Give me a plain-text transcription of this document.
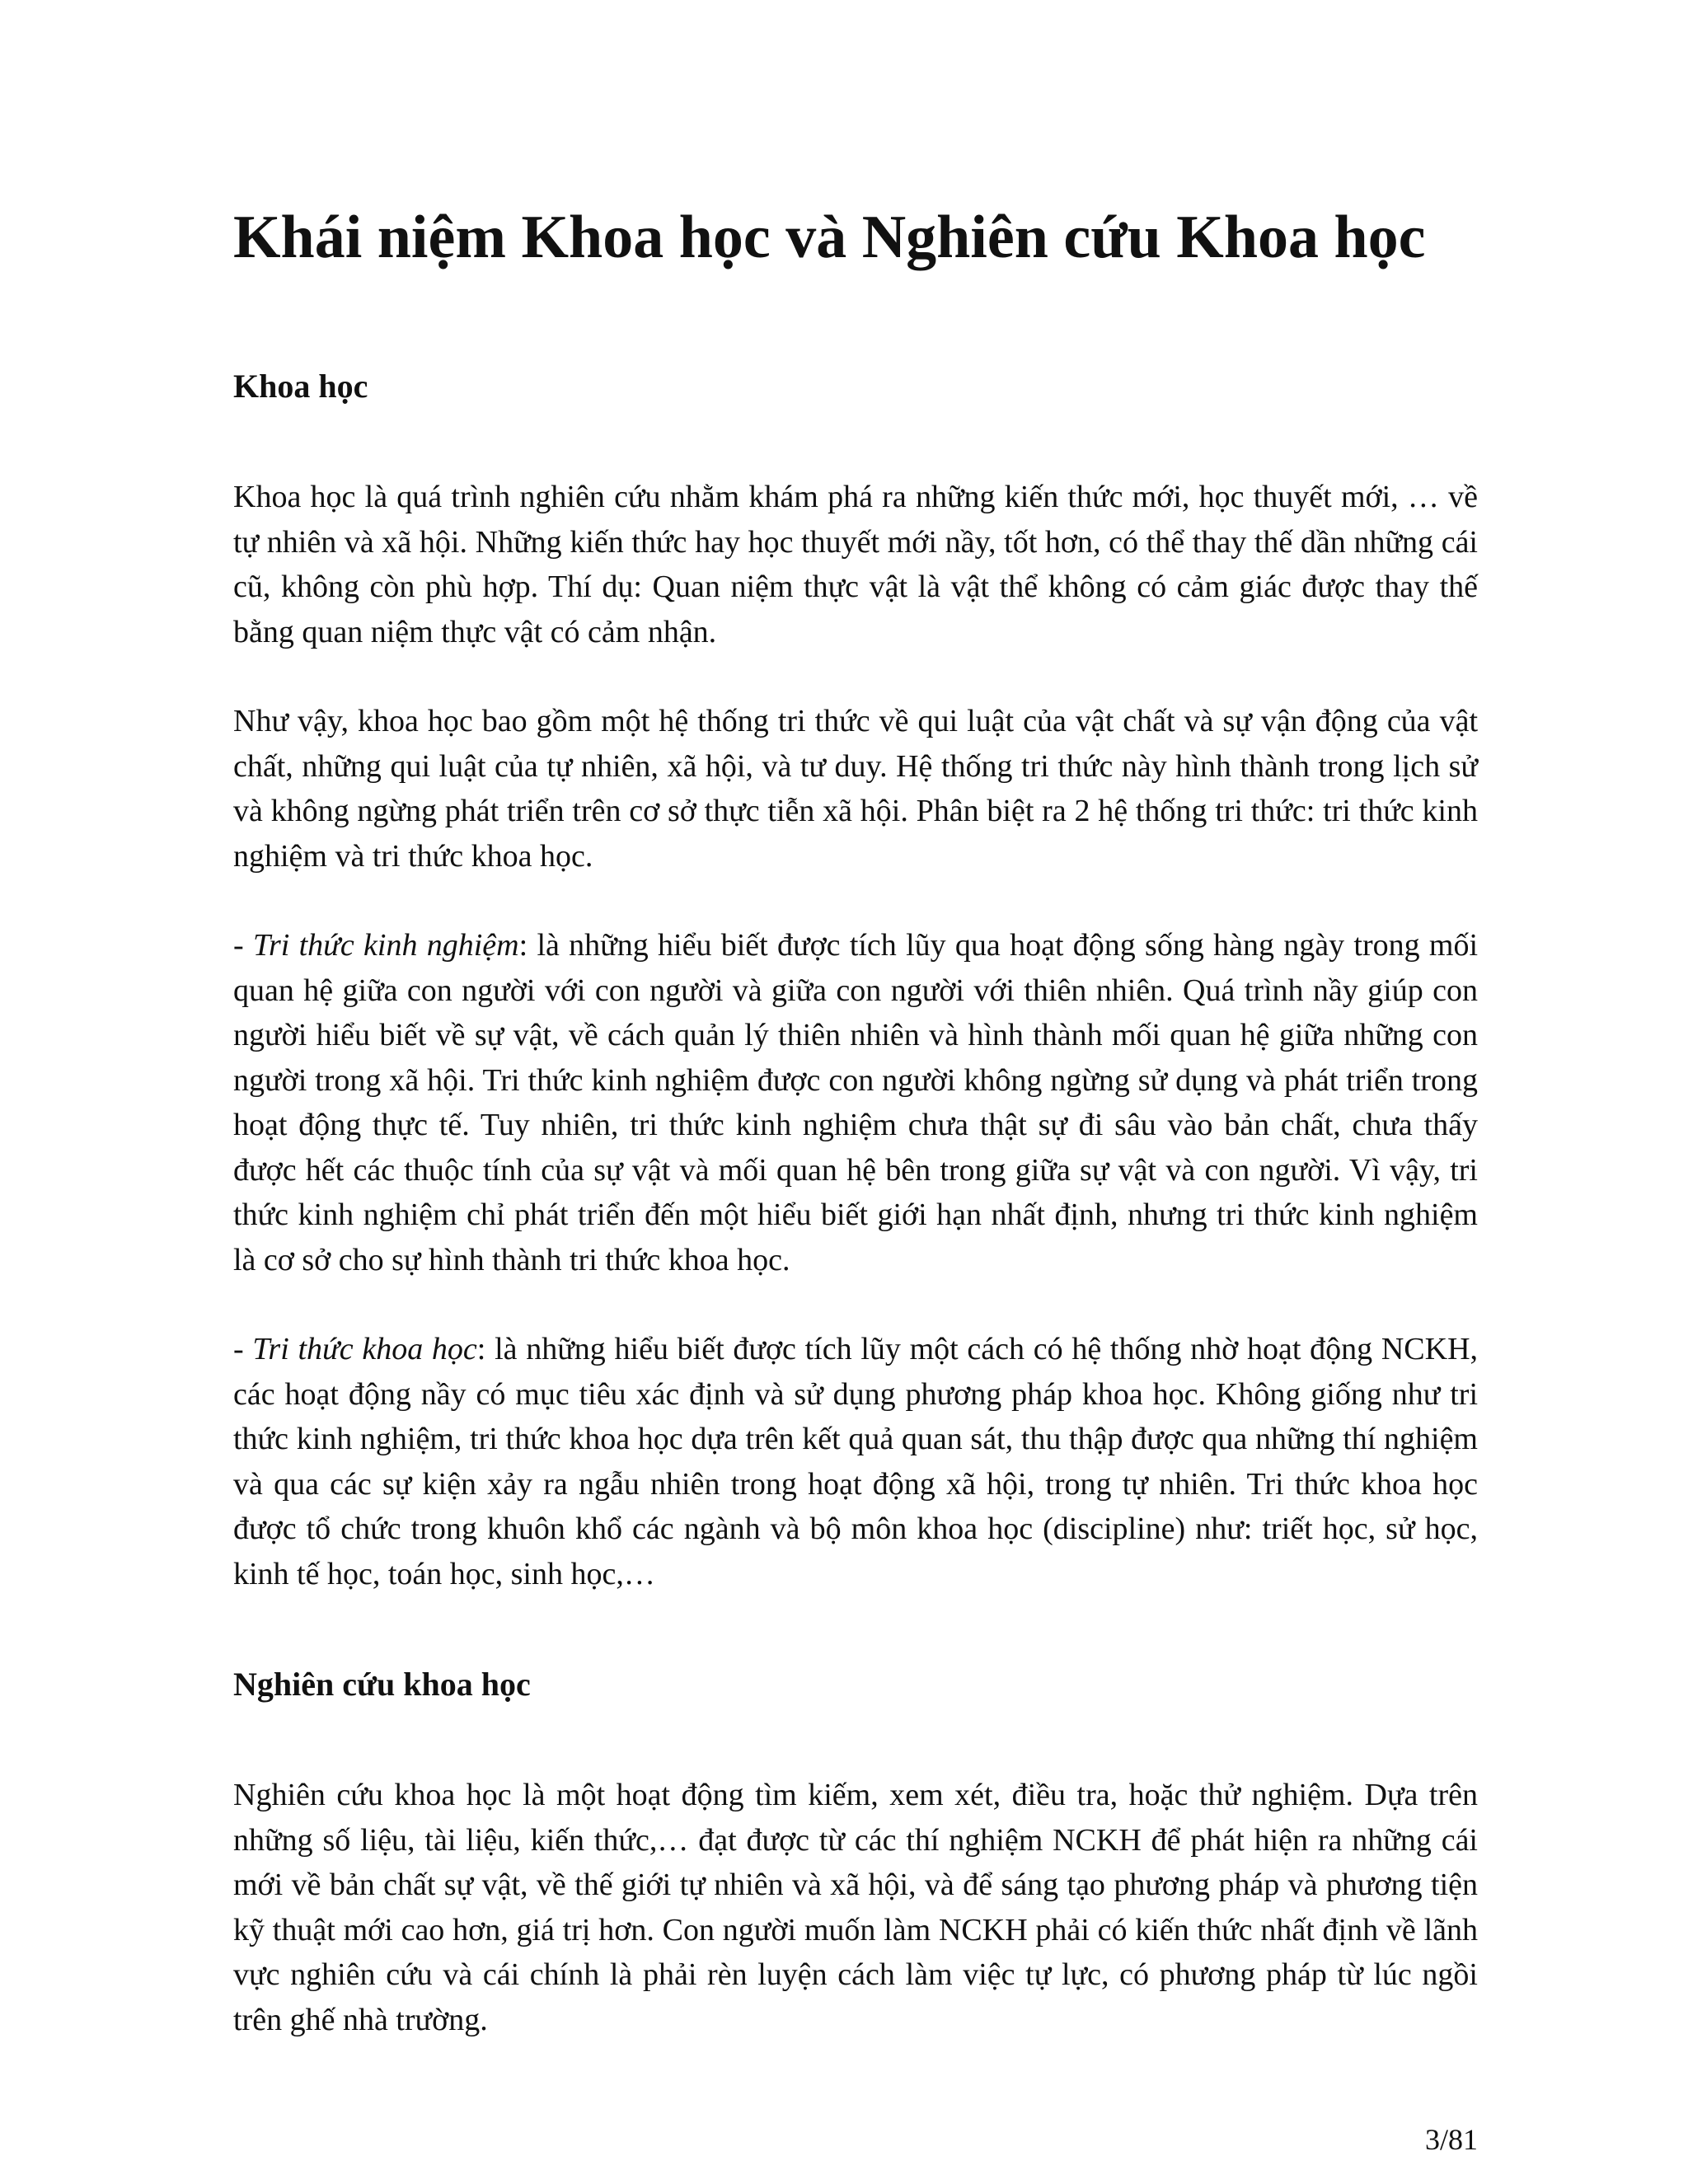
Khái niệm Khoa học và Nghiên cứu Khoa học
Khoa học

Khoa học là quá trình nghiên cứu nhằm khám phá ra những kiến thức mới, học thuyết mới, … về tự nhiên và xã hội. Những kiến thức hay học thuyết mới nầy, tốt hơn, có thể thay thế dần những cái cũ, không còn phù hợp. Thí dụ: Quan niệm thực vật là vật thể không có cảm giác được thay thế bằng quan niệm thực vật có cảm nhận.

Như vậy, khoa học bao gồm một hệ thống tri thức về qui luật của vật chất và sự vận động của vật chất, những qui luật của tự nhiên, xã hội, và tư duy. Hệ thống tri thức này hình thành trong lịch sử và không ngừng phát triển trên cơ sở thực tiễn xã hội. Phân biệt ra 2 hệ thống tri thức: tri thức kinh nghiệm và tri thức khoa học.

- Tri thức kinh nghiệm: là những hiểu biết được tích lũy qua hoạt động sống hàng ngày trong mối quan hệ giữa con người với con người và giữa con người với thiên nhiên. Quá trình nầy giúp con người hiểu biết về sự vật, về cách quản lý thiên nhiên và hình thành mối quan hệ giữa những con người trong xã hội. Tri thức kinh nghiệm được con người không ngừng sử dụng và phát triển trong hoạt động thực tế. Tuy nhiên, tri thức kinh nghiệm chưa thật sự đi sâu vào bản chất, chưa thấy được hết các thuộc tính của sự vật và mối quan hệ bên trong giữa sự vật và con người. Vì vậy, tri thức kinh nghiệm chỉ phát triển đến một hiểu biết giới hạn nhất định, nhưng tri thức kinh nghiệm là cơ sở cho sự hình thành tri thức khoa học.

- Tri thức khoa học: là những hiểu biết được tích lũy một cách có hệ thống nhờ hoạt động NCKH, các hoạt động nầy có mục tiêu xác định và sử dụng phương pháp khoa học. Không giống như tri thức kinh nghiệm, tri thức khoa học dựa trên kết quả quan sát, thu thập được qua những thí nghiệm và qua các sự kiện xảy ra ngẫu nhiên trong hoạt động xã hội, trong tự nhiên. Tri thức khoa học được tổ chức trong khuôn khổ các ngành và bộ môn khoa học (discipline) như: triết học, sử học, kinh tế học, toán học, sinh học,…

Nghiên cứu khoa học

Nghiên cứu khoa học là một hoạt động tìm kiếm, xem xét, điều tra, hoặc thử nghiệm. Dựa trên những số liệu, tài liệu, kiến thức,… đạt được từ các thí nghiệm NCKH để phát hiện ra những cái mới về bản chất sự vật, về thế giới tự nhiên và xã hội, và để sáng tạo phương pháp và phương tiện kỹ thuật mới cao hơn, giá trị hơn. Con người muốn làm NCKH phải có kiến thức nhất định về lãnh vực nghiên cứu và cái chính là phải rèn luyện cách làm việc tự lực, có phương pháp từ lúc ngồi trên ghế nhà trường.

3/81
